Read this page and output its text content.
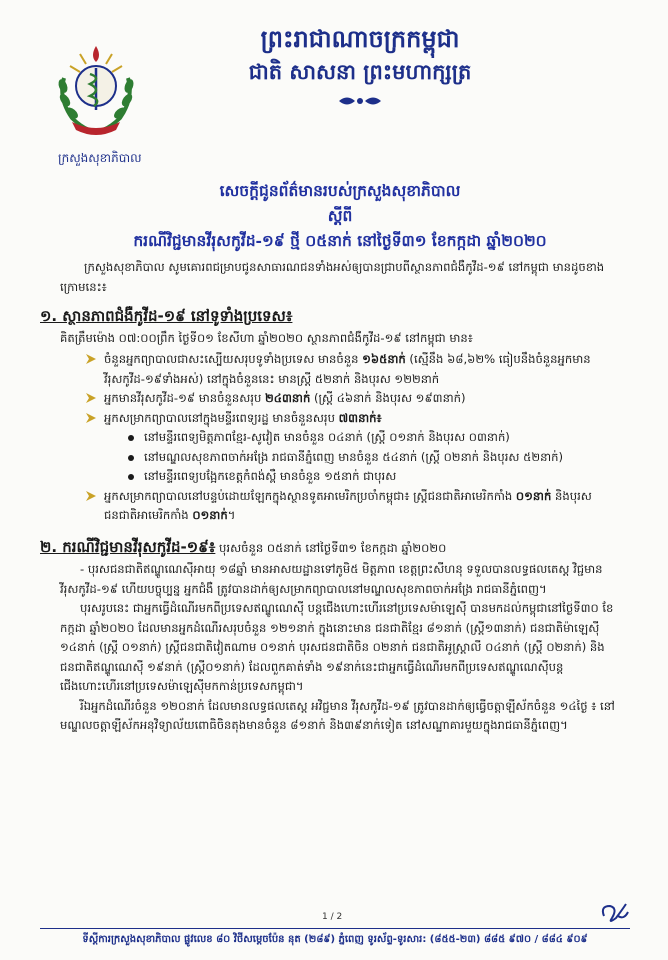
ក្រសួងសុខាភិបាល
ព្រះរាជាណាចក្រកម្ពុជា
ជាតិ សាសនា ព្រះមហាក្សត្រ
សេចក្តីជូនព័ត៌មានរបស់ក្រសួងសុខាភិបាល
ស្តីពី
ករណីវិជ្ជមានវីរុសកូវីដ-១៩ ថ្មី ០៥នាក់ នៅថ្ងៃទី៣១ ខែកក្កដា ឆ្នាំ២០២០

ក្រសួងសុខាភិបាល សូមគោរពជម្រាបជូនសាធារណជនទាំងអស់ឲ្យបានជ្រាបពីស្ថានភាពជំងឺកូវីដ-១៩ នៅកម្ពុជា មានដូចខាងក្រោមនេះ៖

១. ស្ថានភាពជំងឺកូវីដ-១៩ នៅទូទាំងប្រទេស៖

គិតត្រឹមម៉ោង ០៧:០០ព្រឹក ថ្ងៃទី០១ ខែសីហា ឆ្នាំ២០២០ ស្ថានភាពជំងឺកូវីដ-១៩ នៅកម្ពុជា មាន៖

ចំនួនអ្នកព្យាបាលជាសះស្បើយសរុបទូទាំងប្រទេស មានចំនួន ១៦៥នាក់ (ស្មើនឹង ៦៨,៦២% ធៀបនឹងចំនួនអ្នកមានវីរុសកូវីដ-១៩ទាំងអស់) នៅក្នុងចំនួននេះ មានស្ត្រី ៥២នាក់ និងបុរស ១២២នាក់
អ្នកមានវីរុសកូវីដ-១៩ មានចំនួនសរុប ២៤៣នាក់ (ស្ត្រី ៤៦នាក់ និងបុរស ១៩៣នាក់)
អ្នកសម្រាកព្យាបាលនៅក្នុងមន្ទីរពេទ្យរដ្ឋ មានចំនួនសរុប ៧៣នាក់៖
នៅមន្ទីរពេទ្យមិត្តភាពខ្មែរ-សូវៀត មានចំនួន ០៤នាក់ (ស្ត្រី ០១នាក់ និងបុរស ០៣នាក់)
នៅមណ្ឌលសុខភាពចាក់អង្រែ រាជធានីភ្នំពេញ មានចំនួន ៥៤នាក់ (ស្ត្រី ០២នាក់ និងបុរស ៥២នាក់)
នៅមន្ទីរពេទ្យបង្អែកខេត្តកំពង់ស្ពឺ មានចំនួន ១៥នាក់ ជាបុរស
អ្នកសម្រាកព្យាបាលនៅបន្ទប់ដោយឡែកក្នុងស្ថានទូតអាមេរិកប្រចាំកម្ពុជា៖ ស្ត្រីជនជាតិអាមេរិកកាំង ០១នាក់ និងបុរសជនជាតិអាមេរិកកាំង ០១នាក់។
២. ករណីវិជ្ជមានវីរុសកូវីដ-១៩៖ បុរសចំនួន ០៥នាក់ នៅថ្ងៃទី៣១ ខែកក្កដា ឆ្នាំ២០២០

- បុរសជនជាតិឥណ្ឌូណេស៊ីអាយុ ១៨ឆ្នាំ មានអាសយដ្ឋានទៅភូមិ៥ មិត្តភាព ខេត្តព្រះសីហនុ ទទួលបានលទ្ធផលតេស្ត វិជ្ជមានវីរុសកូវីដ-១៩ ហើយបច្ចុប្បន្ន អ្នកជំងឺ ត្រូវបានដាក់ឲ្យសម្រាកព្យាបាលនៅមណ្ឌលសុខភាពចាក់អង្រែ រាជធានីភ្នំពេញ។

បុរសរូបនេះ ជាអ្នកធ្វើដំណើរមកពីប្រទេសឥណ្ឌូណេស៊ី បន្តជើងហោះហើរនៅប្រទេសម៉ាឡេស៊ី បានមកដល់កម្ពុជានៅថ្ងៃទី៣០ ខែកក្កដា ឆ្នាំ២០២០ ដែលមានអ្នកដំណើរសរុបចំនួន ១២១នាក់ ក្នុងនោះមាន ជនជាតិខ្មែរ ៨១នាក់ (ស្ត្រី១៣នាក់) ជនជាតិម៉ាឡេស៊ី ១៤នាក់ (ស្ត្រី ០១នាក់) ស្ត្រីជនជាតិវៀតណាម ០១នាក់ បុរសជនជាតិចិន ០២នាក់ ជនជាតិអូស្ត្រាលី ០៤នាក់ (ស្ត្រី ០២នាក់) និងជនជាតិឥណ្ឌូណេស៊ី ១៩នាក់ (ស្ត្រី០១នាក់) ដែលពួកគាត់ទាំង ១៩នាក់នេះជាអ្នកធ្វើដំណើរមកពីប្រទេសឥណ្ឌូណេស៊ីបន្តជើងហោះហើរនៅប្រទេសម៉ាឡេស៊ីមកកាន់ប្រទេសកម្ពុជា។

រីឯអ្នកដំណើរចំនួន ១២០នាក់ ដែលមានលទ្ធផលតេស្ត អវិជ្ជមាន វីរុសកូវីដ-១៩ ត្រូវបានដាក់ឲ្យធ្វើចត្តាឡីស័កចំនួន ១៤ថ្ងៃ ៖ នៅមណ្ឌលចត្តាឡីស័កអនុវិទ្យាល័យពោធិចិនតុងមានចំនួន ៨១នាក់ និង៣៩នាក់ទៀត នៅសណ្ឋាគារមួយក្នុងរាជធានីភ្នំពេញ។

1 / 2
ទីស្តីការក្រសួងសុខាភិបាល ផ្លូវលេខ ៨០ វិថីសម្តេចប៉ែន នុត (២៨៩) ភ្នំពេញ ទូរស័ព្ទ-ទូរសារ: (៨៥៥-២៣) ៨៨៥ ៩៧០ / ៨៨៤ ៩០៩
